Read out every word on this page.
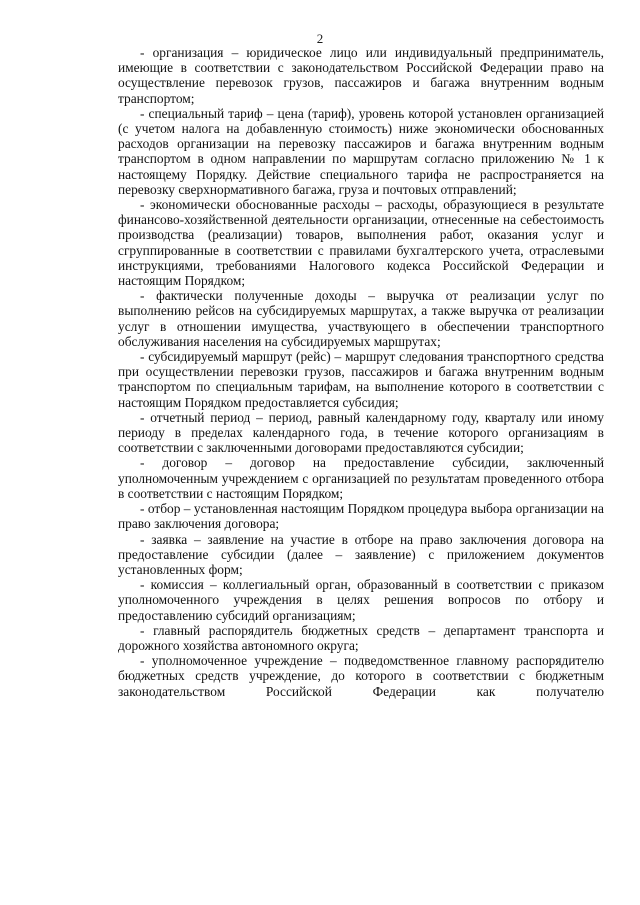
2

- организация – юридическое лицо или индивидуальный предприниматель, имеющие в соответствии с законодательством Российской Федерации право на осуществление перевозок грузов, пассажиров и багажа внутренним водным транспортом;

- специальный тариф – цена (тариф), уровень которой установлен организацией (с учетом налога на добавленную стоимость) ниже экономически обоснованных расходов организации на перевозку пассажиров и багажа внутренним водным транспортом в одном направлении по маршрутам согласно приложению № 1 к настоящему Порядку. Действие специального тарифа не распространяется на перевозку сверхнормативного багажа, груза и почтовых отправлений;

- экономически обоснованные расходы – расходы, образующиеся в результате финансово-хозяйственной деятельности организации, отнесенные на себестоимость производства (реализации) товаров, выполнения работ, оказания услуг и сгруппированные в соответствии с правилами бухгалтерского учета, отраслевыми инструкциями, требованиями Налогового кодекса Российской Федерации и настоящим Порядком;

- фактически полученные доходы – выручка от реализации услуг по выполнению рейсов на субсидируемых маршрутах, а также выручка от реализации услуг в отношении имущества, участвующего в обеспечении транспортного обслуживания населения на субсидируемых маршрутах;

- субсидируемый маршрут (рейс) – маршрут следования транспортного средства при осуществлении перевозки грузов, пассажиров и багажа внутренним водным транспортом по специальным тарифам, на выполнение которого в соответствии с настоящим Порядком предоставляется субсидия;

- отчетный период – период, равный календарному году, кварталу или иному периоду в пределах календарного года, в течение которого организациям в соответствии с заключенными договорами предоставляются субсидии;

- договор – договор на предоставление субсидии, заключенный уполномоченным учреждением с организацией по результатам проведенного отбора в соответствии с настоящим Порядком;

- отбор – установленная настоящим Порядком процедура выбора организации на право заключения договора;

- заявка – заявление на участие в отборе на право заключения договора на предоставление субсидии (далее – заявление) с приложением документов установленных форм;

- комиссия – коллегиальный орган, образованный в соответствии с приказом уполномоченного учреждения в целях решения вопросов по отбору и предоставлению субсидий организациям;

- главный распорядитель бюджетных средств – департамент транспорта и дорожного хозяйства автономного округа;

- уполномоченное учреждение – подведомственное главному распорядителю бюджетных средств учреждение, до которого в соответствии с бюджетным законодательством Российской Федерации как получателю
